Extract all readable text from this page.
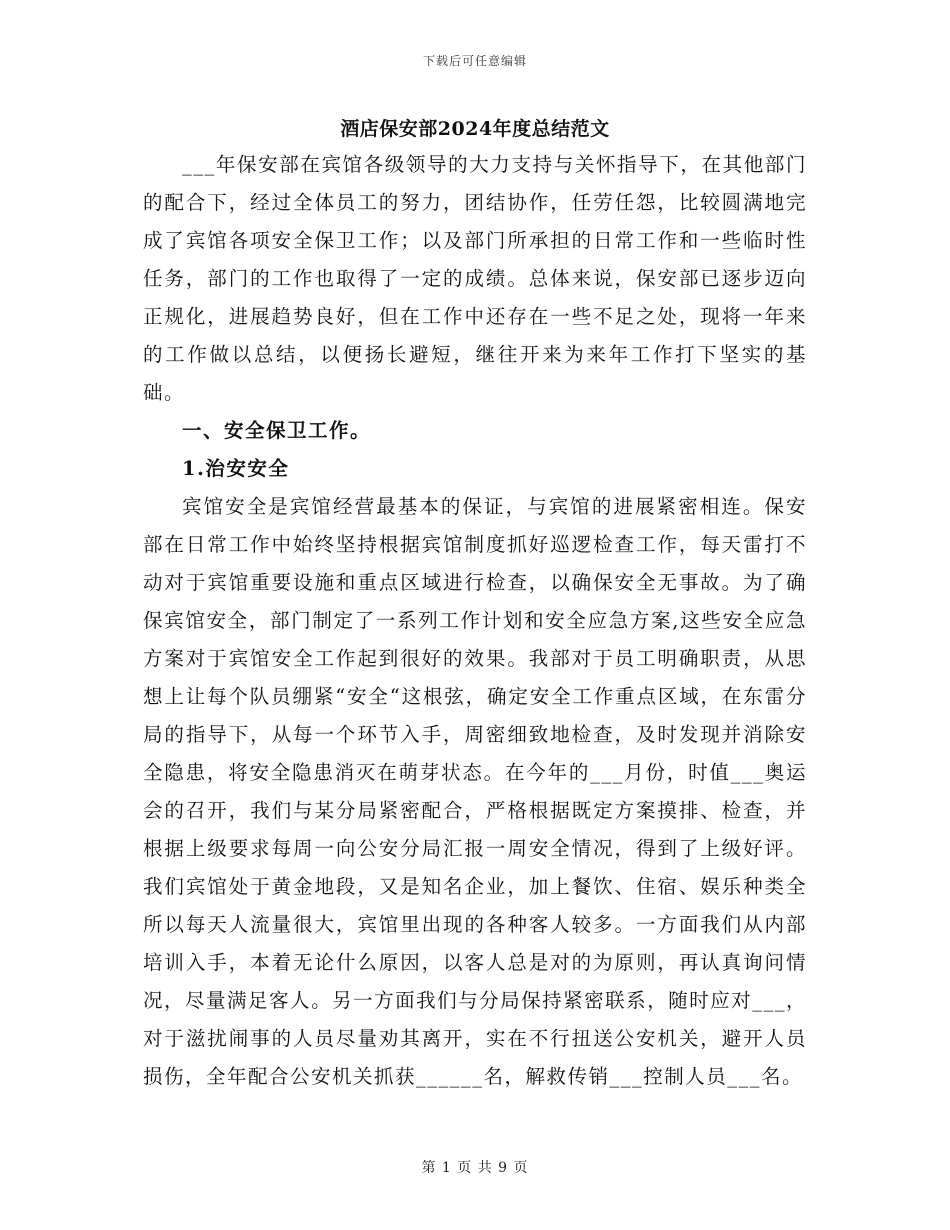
下载后可任意编辑
酒店保安部2024年度总结范文

___年保安部在宾馆各级领导的大力支持与关怀指导下，在其他部门的配合下，经过全体员工的努力，团结协作，任劳任怨，比较圆满地完成了宾馆各项安全保卫工作；以及部门所承担的日常工作和一些临时性任务，部门的工作也取得了一定的成绩。总体来说，保安部已逐步迈向正规化，进展趋势良好，但在工作中还存在一些不足之处，现将一年来的工作做以总结，以便扬长避短，继往开来为来年工作打下坚实的基础。

一、安全保卫工作。

1.治安安全

宾馆安全是宾馆经营最基本的保证，与宾馆的进展紧密相连。保安部在日常工作中始终坚持根据宾馆制度抓好巡逻检查工作，每天雷打不动对于宾馆重要设施和重点区域进行检查，以确保安全无事故。为了确保宾馆安全，部门制定了一系列工作计划和安全应急方案,这些安全应急方案对于宾馆安全工作起到很好的效果。我部对于员工明确职责，从思想上让每个队员绷紧“安全“这根弦，确定安全工作重点区域，在东雷分局的指导下，从每一个环节入手，周密细致地检查，及时发现并消除安全隐患，将安全隐患消灭在萌芽状态。在今年的___月份，时值___奥运会的召开，我们与某分局紧密配合，严格根据既定方案摸排、检查，并根据上级要求每周一向公安分局汇报一周安全情况，得到了上级好评。我们宾馆处于黄金地段，又是知名企业，加上餐饮、住宿、娱乐种类全所以每天人流量很大，宾馆里出现的各种客人较多。一方面我们从内部培训入手，本着无论什么原因，以客人总是对的为原则，再认真询问情况，尽量满足客人。另一方面我们与分局保持紧密联系，随时应对___，对于滋扰闹事的人员尽量劝其离开，实在不行扭送公安机关，避开人员损伤，全年配合公安机关抓获______名，解救传销___控制人员___名。

第 1 页 共 9 页
